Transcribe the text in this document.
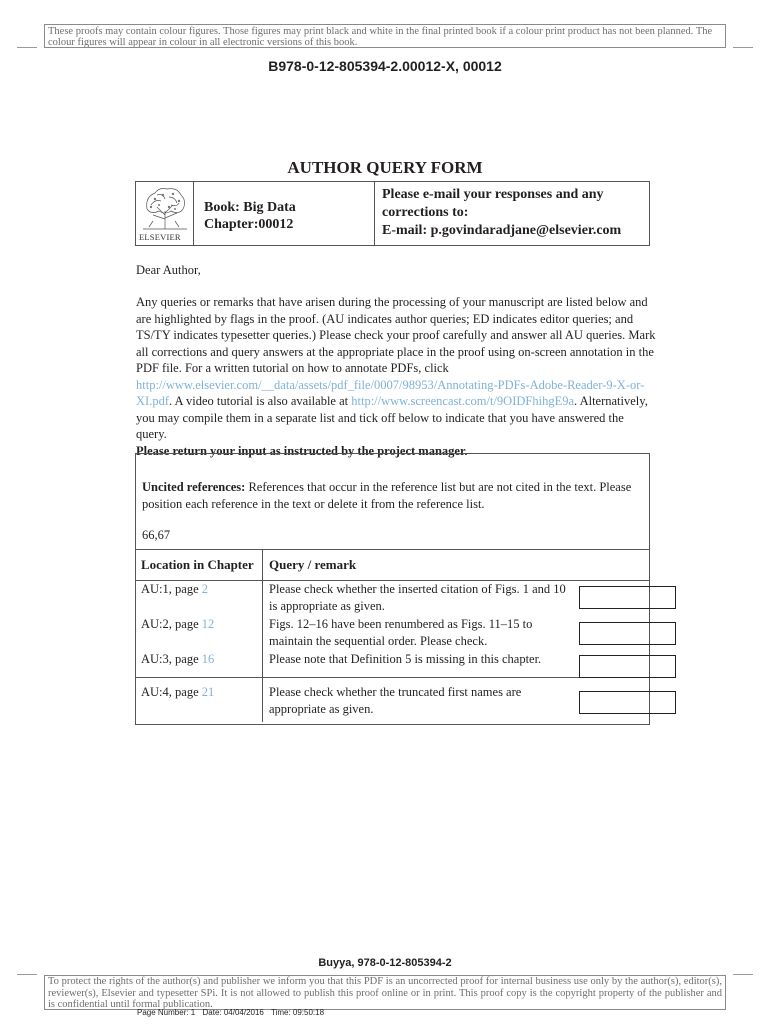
These proofs may contain colour figures. Those figures may print black and white in the final printed book if a colour print product has not been planned. The colour figures will appear in colour in all electronic versions of this book.
B978-0-12-805394-2.00012-X, 00012
AUTHOR QUERY FORM
ELSEVIER
Book: Big Data
Chapter:00012
Please e-mail your responses and any
corrections to:
E-mail: p.govindaradjane@elsevier.com
Dear Author,
Any queries or remarks that have arisen during the processing of your manuscript are listed below and are highlighted by flags in the proof. (AU indicates author queries; ED indicates editor queries; and TS/TY indicates typesetter queries.) Please check your proof carefully and answer all AU queries. Mark all corrections and query answers at the appropriate place in the proof using on-screen annotation in the PDF file. For a written tutorial on how to annotate PDFs, click http://www.elsevier.com/__data/assets/pdf_file/0007/98953/Annotating-PDFs-Adobe-Reader-9-X-or-XI.pdf. A video tutorial is also available at http://www.screencast.com/t/9OIDFhihgE9a. Alternatively, you may compile them in a separate list and tick off below to indicate that you have answered the query.
Please return your input as instructed by the project manager.
Uncited references: References that occur in the reference list but are not cited in the text. Please position each reference in the text or delete it from the reference list.
66,67
Location in Chapter	Query / remark
AU:1, page 2	Please check whether the inserted citation of Figs. 1 and 10 is appropriate as given.

AU:2, page 12	Figs. 12–16 have been renumbered as Figs. 11–15 to maintain the sequential order. Please check.

AU:3, page 16	Please note that Definition 5 is missing in this chapter.

AU:4, page 21	Please check whether the truncated first names are appropriate as given.
Buyya, 978-0-12-805394-2
To protect the rights of the author(s) and publisher we inform you that this PDF is an uncorrected proof for internal business use only by the author(s), editor(s), reviewer(s), Elsevier and typesetter SPi. It is not allowed to publish this proof online or in print. This proof copy is the copyright property of the publisher and is confidential until formal publication.
Page Number: 1 Date: 04/04/2016 Time: 09:50:18
